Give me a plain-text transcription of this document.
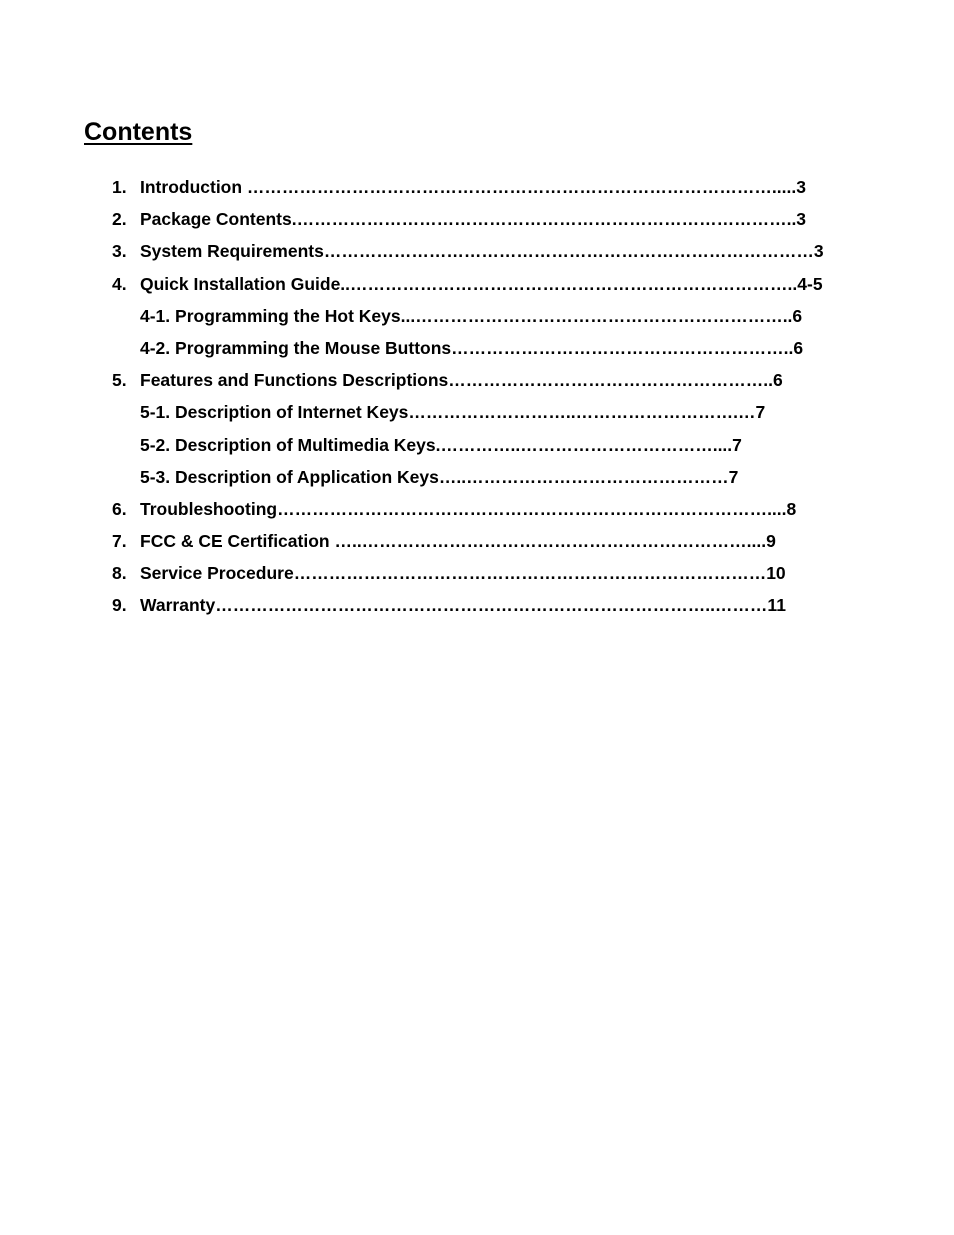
Contents
1. Introduction ……………………………………………………………………………….....3
2. Package Contents.…………………………………………………………………………..3
3. System Requirements…………………………………………………………………………3
4. Quick Installation Guide..…………………………………………………………………..4-5
4-1. Programming the Hot Keys...………………………………………………………..6
4-2. Programming the Mouse Buttons…………………………………………………..6
5. Features and Functions Descriptions………………………………………………..6
5-1. Description of Internet Keys………………………..……………………….…7
5-2. Description of Multimedia Keys.…………..……………………………....7
5-3. Description of Application Keys…..………………………………………7
6. Troubleshooting…………………………………………………………………………....8
7. FCC & CE Certification …..…………………………………………………………....9
8. Service Procedure………………………………………………………………………10
9. Warranty…………………………………………………………………………..………11
